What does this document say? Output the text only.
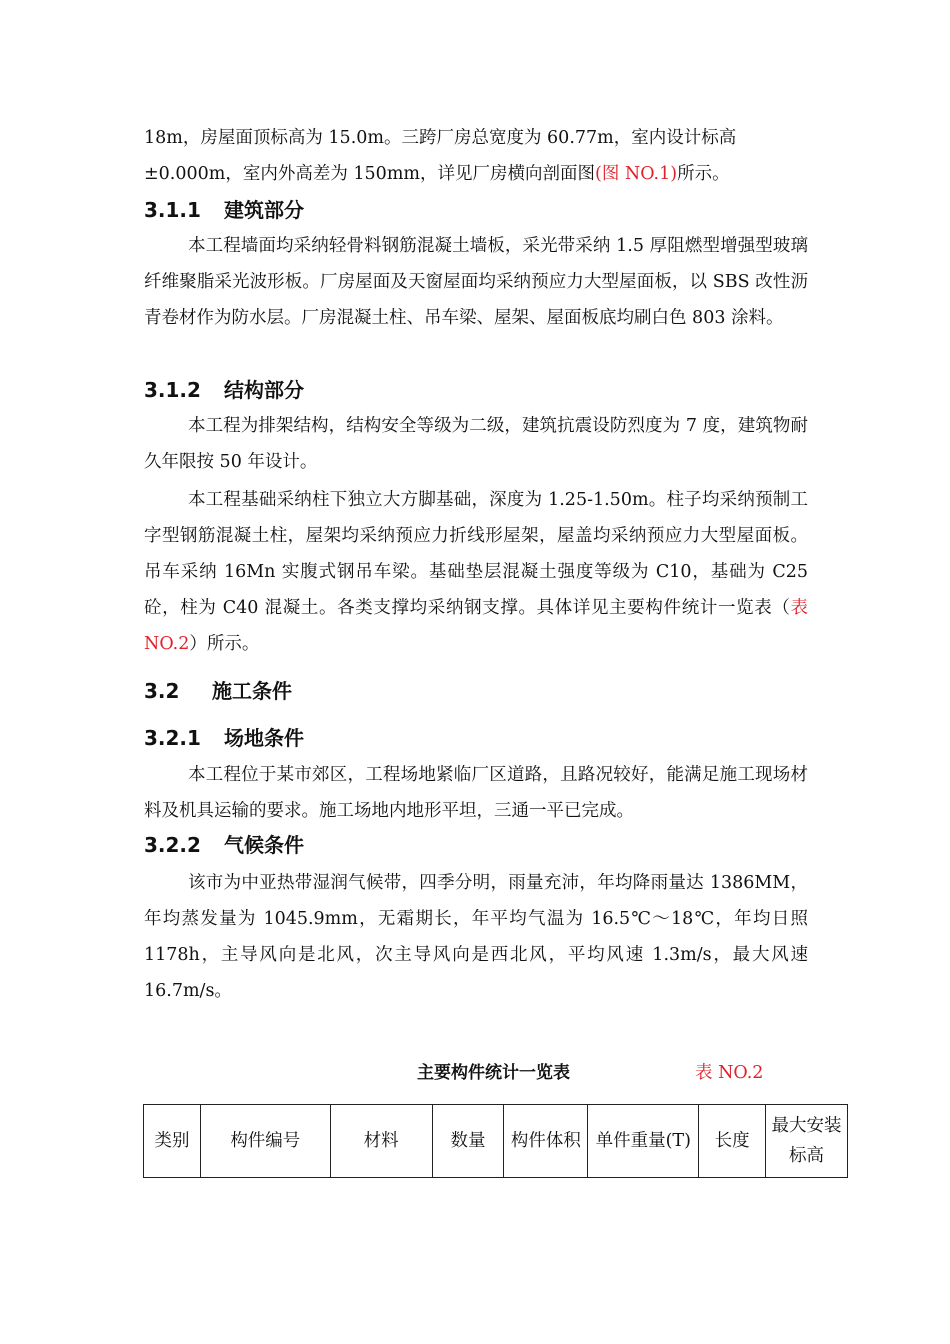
18m，房屋面顶标高为 15.0m。三跨厂房总宽度为 60.77m，室内设计标高
±0.000m，室内外高差为 150mm，详见厂房横向剖面图(图 NO.1)所示。

3.1.1 建筑部分

本工程墙面均采纳轻骨料钢筋混凝土墙板，采光带采纳 1.5 厚阻燃型增强型玻璃纤维聚脂采光波形板。厂房屋面及天窗屋面均采纳预应力大型屋面板，以 SBS 改性沥青卷材作为防水层。厂房混凝土柱、吊车梁、屋架、屋面板底均刷白色 803 涂料。

3.1.2 结构部分

本工程为排架结构，结构安全等级为二级，建筑抗震设防烈度为 7 度，建筑物耐久年限按 50 年设计。

本工程基础采纳柱下独立大方脚基础，深度为 1.25-1.50m。柱子均采纳预制工字型钢筋混凝土柱，屋架均采纳预应力折线形屋架，屋盖均采纳预应力大型屋面板。吊车采纳 16Mn 实腹式钢吊车梁。基础垫层混凝土强度等级为 C10，基础为 C25 砼，柱为 C40 混凝土。各类支撑均采纳钢支撑。具体详见主要构件统计一览表（表 NO.2）所示。

3.2 施工条件
3.2.1 场地条件

本工程位于某市郊区，工程场地紧临厂区道路，且路况较好，能满足施工现场材料及机具运输的要求。施工场地内地形平坦，三通一平已完成。

3.2.2 气候条件

该市为中亚热带湿润气候带，四季分明，雨量充沛，年均降雨量达 1386MM，年均蒸发量为 1045.9mm，无霜期长，年平均气温为 16.5℃～18℃，年均日照 1178h，主导风向是北风，次主导风向是西北风，平均风速 1.3m/s，最大风速 16.7m/s。

主要构件统计一览表	表 NO.2
类别	构件编号	材料	数量	构件体积	单件重量(T)	长度	最大安装标高
